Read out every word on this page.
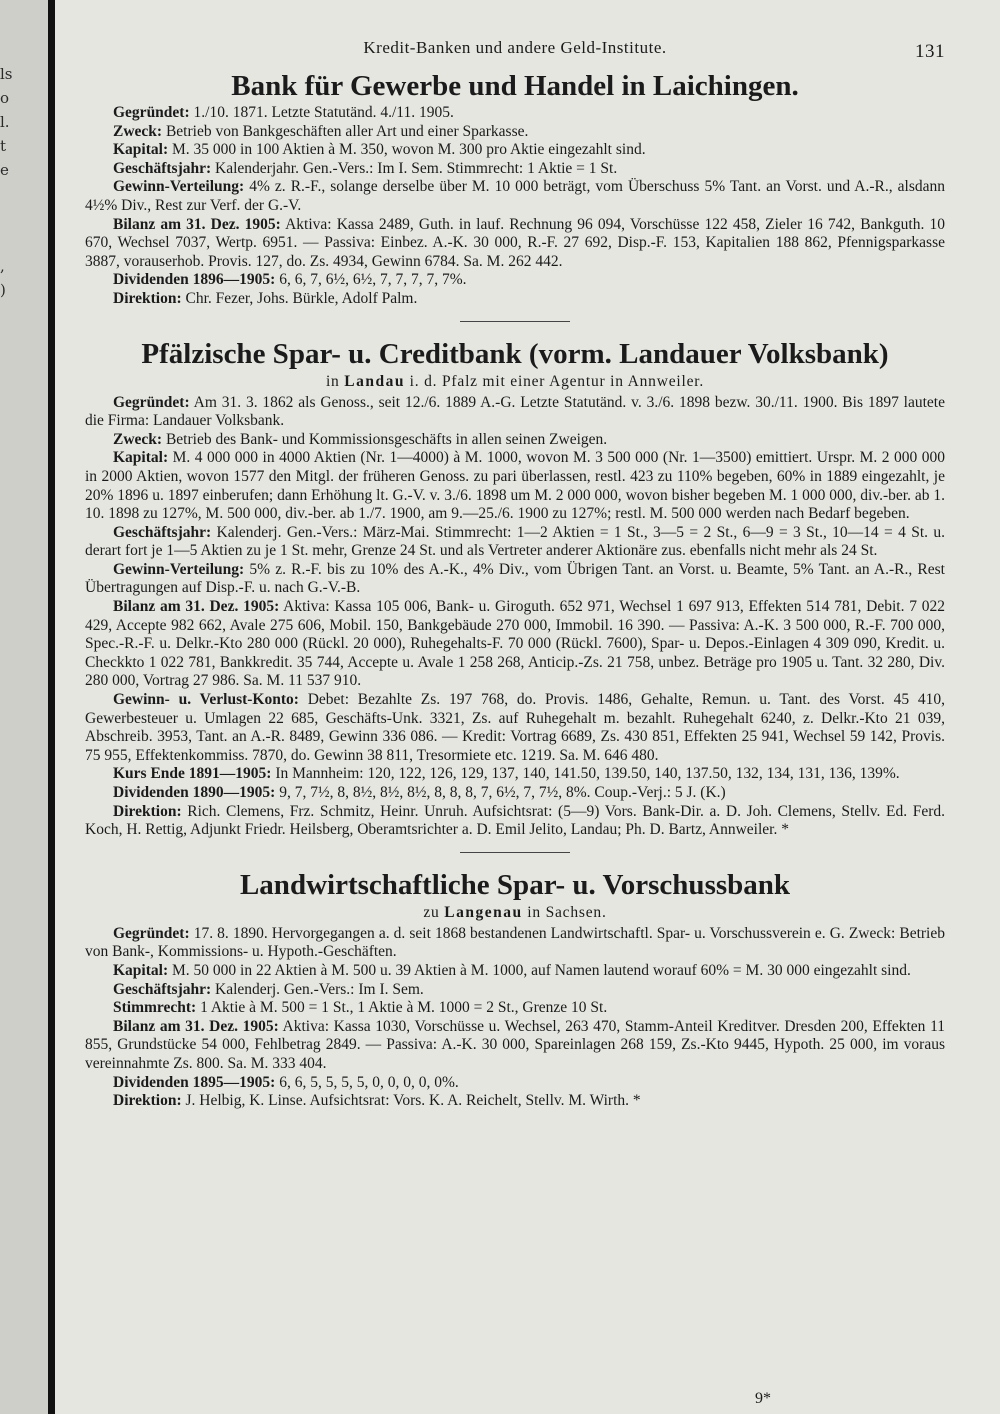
ls
o
l.
t
e
,
)
Kredit-Banken und andere Geld-Institute.	131
Bank für Gewerbe und Handel in Laichingen.

Gegründet: 1./10. 1871. Letzte Statutänd. 4./11. 1905.

Zweck: Betrieb von Bankgeschäften aller Art und einer Sparkasse.

Kapital: M. 35 000 in 100 Aktien à M. 350, wovon M. 300 pro Aktie eingezahlt sind.

Geschäftsjahr: Kalenderjahr. Gen.-Vers.: Im I. Sem. Stimmrecht: 1 Aktie = 1 St.

Gewinn-Verteilung: 4% z. R.-F., solange derselbe über M. 10 000 beträgt, vom Überschuss 5% Tant. an Vorst. und A.-R., alsdann 4½% Div., Rest zur Verf. der G.-V.

Bilanz am 31. Dez. 1905: Aktiva: Kassa 2489, Guth. in lauf. Rechnung 96 094, Vorschüsse 122 458, Zieler 16 742, Bankguth. 10 670, Wechsel 7037, Wertp. 6951. — Passiva: Einbez. A.-K. 30 000, R.-F. 27 692, Disp.-F. 153, Kapitalien 188 862, Pfennigsparkasse 3887, vorauserhob. Provis. 127, do. Zs. 4934, Gewinn 6784. Sa. M. 262 442.

Dividenden 1896—1905: 6, 6, 7, 6½, 6½, 7, 7, 7, 7, 7%.

Direktion: Chr. Fezer, Johs. Bürkle, Adolf Palm.

Pfälzische Spar- u. Creditbank (vorm. Landauer Volksbank)

in Landau i. d. Pfalz mit einer Agentur in Annweiler.

Gegründet: Am 31. 3. 1862 als Genoss., seit 12./6. 1889 A.-G. Letzte Statutänd. v. 3./6. 1898 bezw. 30./11. 1900. Bis 1897 lautete die Firma: Landauer Volksbank.

Zweck: Betrieb des Bank- und Kommissionsgeschäfts in allen seinen Zweigen.

Kapital: M. 4 000 000 in 4000 Aktien (Nr. 1—4000) à M. 1000, wovon M. 3 500 000 (Nr. 1—3500) emittiert. Urspr. M. 2 000 000 in 2000 Aktien, wovon 1577 den Mitgl. der früheren Genoss. zu pari überlassen, restl. 423 zu 110% begeben, 60% in 1889 eingezahlt, je 20% 1896 u. 1897 einberufen; dann Erhöhung lt. G.-V. v. 3./6. 1898 um M. 2 000 000, wovon bisher begeben M. 1 000 000, div.-ber. ab 1. 10. 1898 zu 127%, M. 500 000, div.-ber. ab 1./7. 1900, am 9.—25./6. 1900 zu 127%; restl. M. 500 000 werden nach Bedarf begeben.

Geschäftsjahr: Kalenderj. Gen.-Vers.: März-Mai. Stimmrecht: 1—2 Aktien = 1 St., 3—5 = 2 St., 6—9 = 3 St., 10—14 = 4 St. u. derart fort je 1—5 Aktien zu je 1 St. mehr, Grenze 24 St. und als Vertreter anderer Aktionäre zus. ebenfalls nicht mehr als 24 St.

Gewinn-Verteilung: 5% z. R.-F. bis zu 10% des A.-K., 4% Div., vom Übrigen Tant. an Vorst. u. Beamte, 5% Tant. an A.-R., Rest Übertragungen auf Disp.-F. u. nach G.-V.-B.

Bilanz am 31. Dez. 1905: Aktiva: Kassa 105 006, Bank- u. Giroguth. 652 971, Wechsel 1 697 913, Effekten 514 781, Debit. 7 022 429, Accepte 982 662, Avale 275 606, Mobil. 150, Bankgebäude 270 000, Immobil. 16 390. — Passiva: A.-K. 3 500 000, R.-F. 700 000, Spec.-R.-F. u. Delkr.-Kto 280 000 (Rückl. 20 000), Ruhegehalts-F. 70 000 (Rückl. 7600), Spar- u. Depos.-Einlagen 4 309 090, Kredit. u. Checkkto 1 022 781, Bankkredit. 35 744, Accepte u. Avale 1 258 268, Anticip.-Zs. 21 758, unbez. Beträge pro 1905 u. Tant. 32 280, Div. 280 000, Vortrag 27 986. Sa. M. 11 537 910.

Gewinn- u. Verlust-Konto: Debet: Bezahlte Zs. 197 768, do. Provis. 1486, Gehalte, Remun. u. Tant. des Vorst. 45 410, Gewerbesteuer u. Umlagen 22 685, Geschäfts-Unk. 3321, Zs. auf Ruhegehalt m. bezahlt. Ruhegehalt 6240, z. Delkr.-Kto 21 039, Abschreib. 3953, Tant. an A.-R. 8489, Gewinn 336 086. — Kredit: Vortrag 6689, Zs. 430 851, Effekten 25 941, Wechsel 59 142, Provis. 75 955, Effektenkommiss. 7870, do. Gewinn 38 811, Tresormiete etc. 1219. Sa. M. 646 480.

Kurs Ende 1891—1905: In Mannheim: 120, 122, 126, 129, 137, 140, 141.50, 139.50, 140, 137.50, 132, 134, 131, 136, 139%.

Dividenden 1890—1905: 9, 7, 7½, 8, 8½, 8½, 8½, 8, 8, 8, 7, 6½, 7, 7½, 8%. Coup.-Verj.: 5 J. (K.)

Direktion: Rich. Clemens, Frz. Schmitz, Heinr. Unruh. Aufsichtsrat: (5—9) Vors. Bank-Dir. a. D. Joh. Clemens, Stellv. Ed. Ferd. Koch, H. Rettig, Adjunkt Friedr. Heilsberg, Oberamtsrichter a. D. Emil Jelito, Landau; Ph. D. Bartz, Annweiler. *

Landwirtschaftliche Spar- u. Vorschussbank

zu Langenau in Sachsen.

Gegründet: 17. 8. 1890. Hervorgegangen a. d. seit 1868 bestandenen Landwirtschaftl. Spar- u. Vorschussverein e. G. Zweck: Betrieb von Bank-, Kommissions- u. Hypoth.-Geschäften.

Kapital: M. 50 000 in 22 Aktien à M. 500 u. 39 Aktien à M. 1000, auf Namen lautend worauf 60% = M. 30 000 eingezahlt sind.

Geschäftsjahr: Kalenderj. Gen.-Vers.: Im I. Sem.

Stimmrecht: 1 Aktie à M. 500 = 1 St., 1 Aktie à M. 1000 = 2 St., Grenze 10 St.

Bilanz am 31. Dez. 1905: Aktiva: Kassa 1030, Vorschüsse u. Wechsel, 263 470, Stamm-Anteil Kreditver. Dresden 200, Effekten 11 855, Grundstücke 54 000, Fehlbetrag 2849. — Passiva: A.-K. 30 000, Spareinlagen 268 159, Zs.-Kto 9445, Hypoth. 25 000, im voraus vereinnahmte Zs. 800. Sa. M. 333 404.

Dividenden 1895—1905: 6, 6, 5, 5, 5, 5, 0, 0, 0, 0, 0%.

Direktion: J. Helbig, K. Linse. Aufsichtsrat: Vors. K. A. Reichelt, Stellv. M. Wirth. *

9*
